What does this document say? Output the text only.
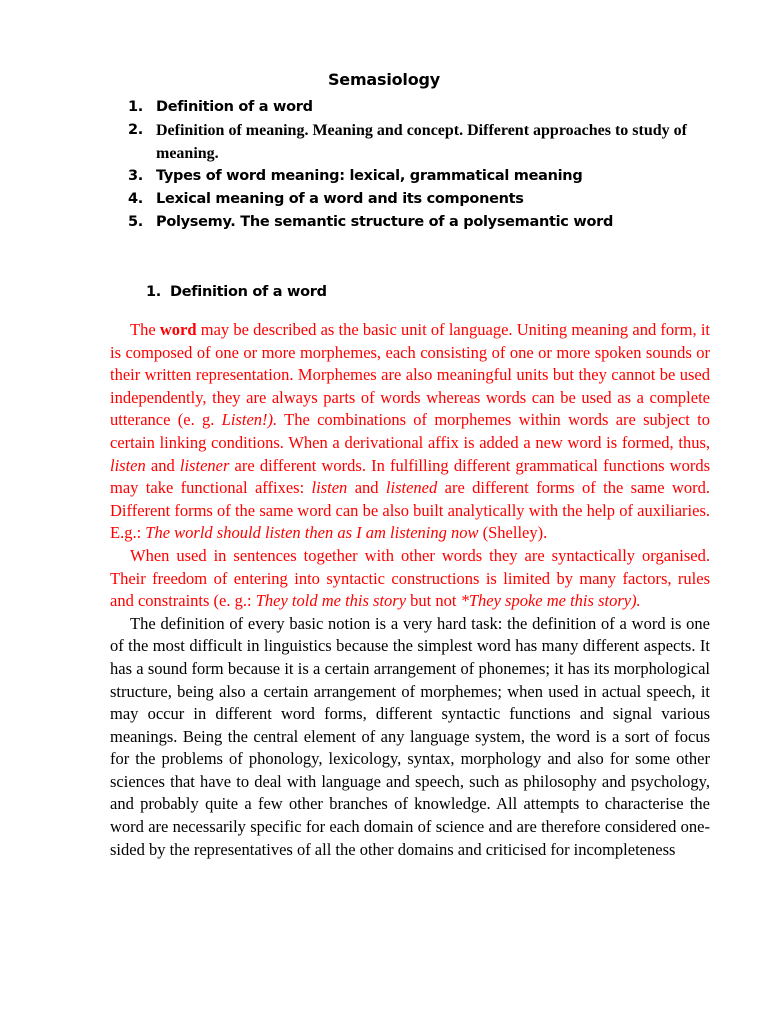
Semasiology
1. Definition of a word
2. Definition of meaning. Meaning and concept. Different approaches to study of meaning.
3. Types of word meaning: lexical, grammatical meaning
4. Lexical meaning of a word and its components
5. Polysemy. The semantic structure of a polysemantic word
1. Definition of a word

The word may be described as the basic unit of language. Uniting meaning and form, it is composed of one or more morphemes, each consisting of one or more spoken sounds or their written representation. Morphemes are also meaningful units but they cannot be used independently, they are always parts of words whereas words can be used as a complete utterance (e. g. Listen!). The combinations of morphemes within words are subject to certain linking conditions. When a derivational affix is added a new word is formed, thus, listen and listener are different words. In fulfilling different grammatical functions words may take functional affixes: listen and listened are different forms of the same word. Different forms of the same word can be also built analytically with the help of auxiliaries. E.g.: The world should listen then as I am listening now (Shelley).

When used in sentences together with other words they are syntactically organised. Their freedom of entering into syntactic constructions is limited by many factors, rules and constraints (e. g.: They told me this story but not *They spoke me this story).

The definition of every basic notion is a very hard task: the definition of a word is one of the most difficult in linguistics because the simplest word has many different aspects. It has a sound form because it is a certain arrangement of phonemes; it has its morphological structure, being also a certain arrangement of morphemes; when used in actual speech, it may occur in different word forms, different syntactic functions and signal various meanings. Being the central element of any language system, the word is a sort of focus for the problems of phonology, lexicology, syntax, morphology and also for some other sciences that have to deal with language and speech, such as philosophy and psychology, and probably quite a few other branches of knowledge. All attempts to characterise the word are necessarily specific for each domain of science and are therefore considered one-sided by the representatives of all the other domains and criticised for incompleteness
